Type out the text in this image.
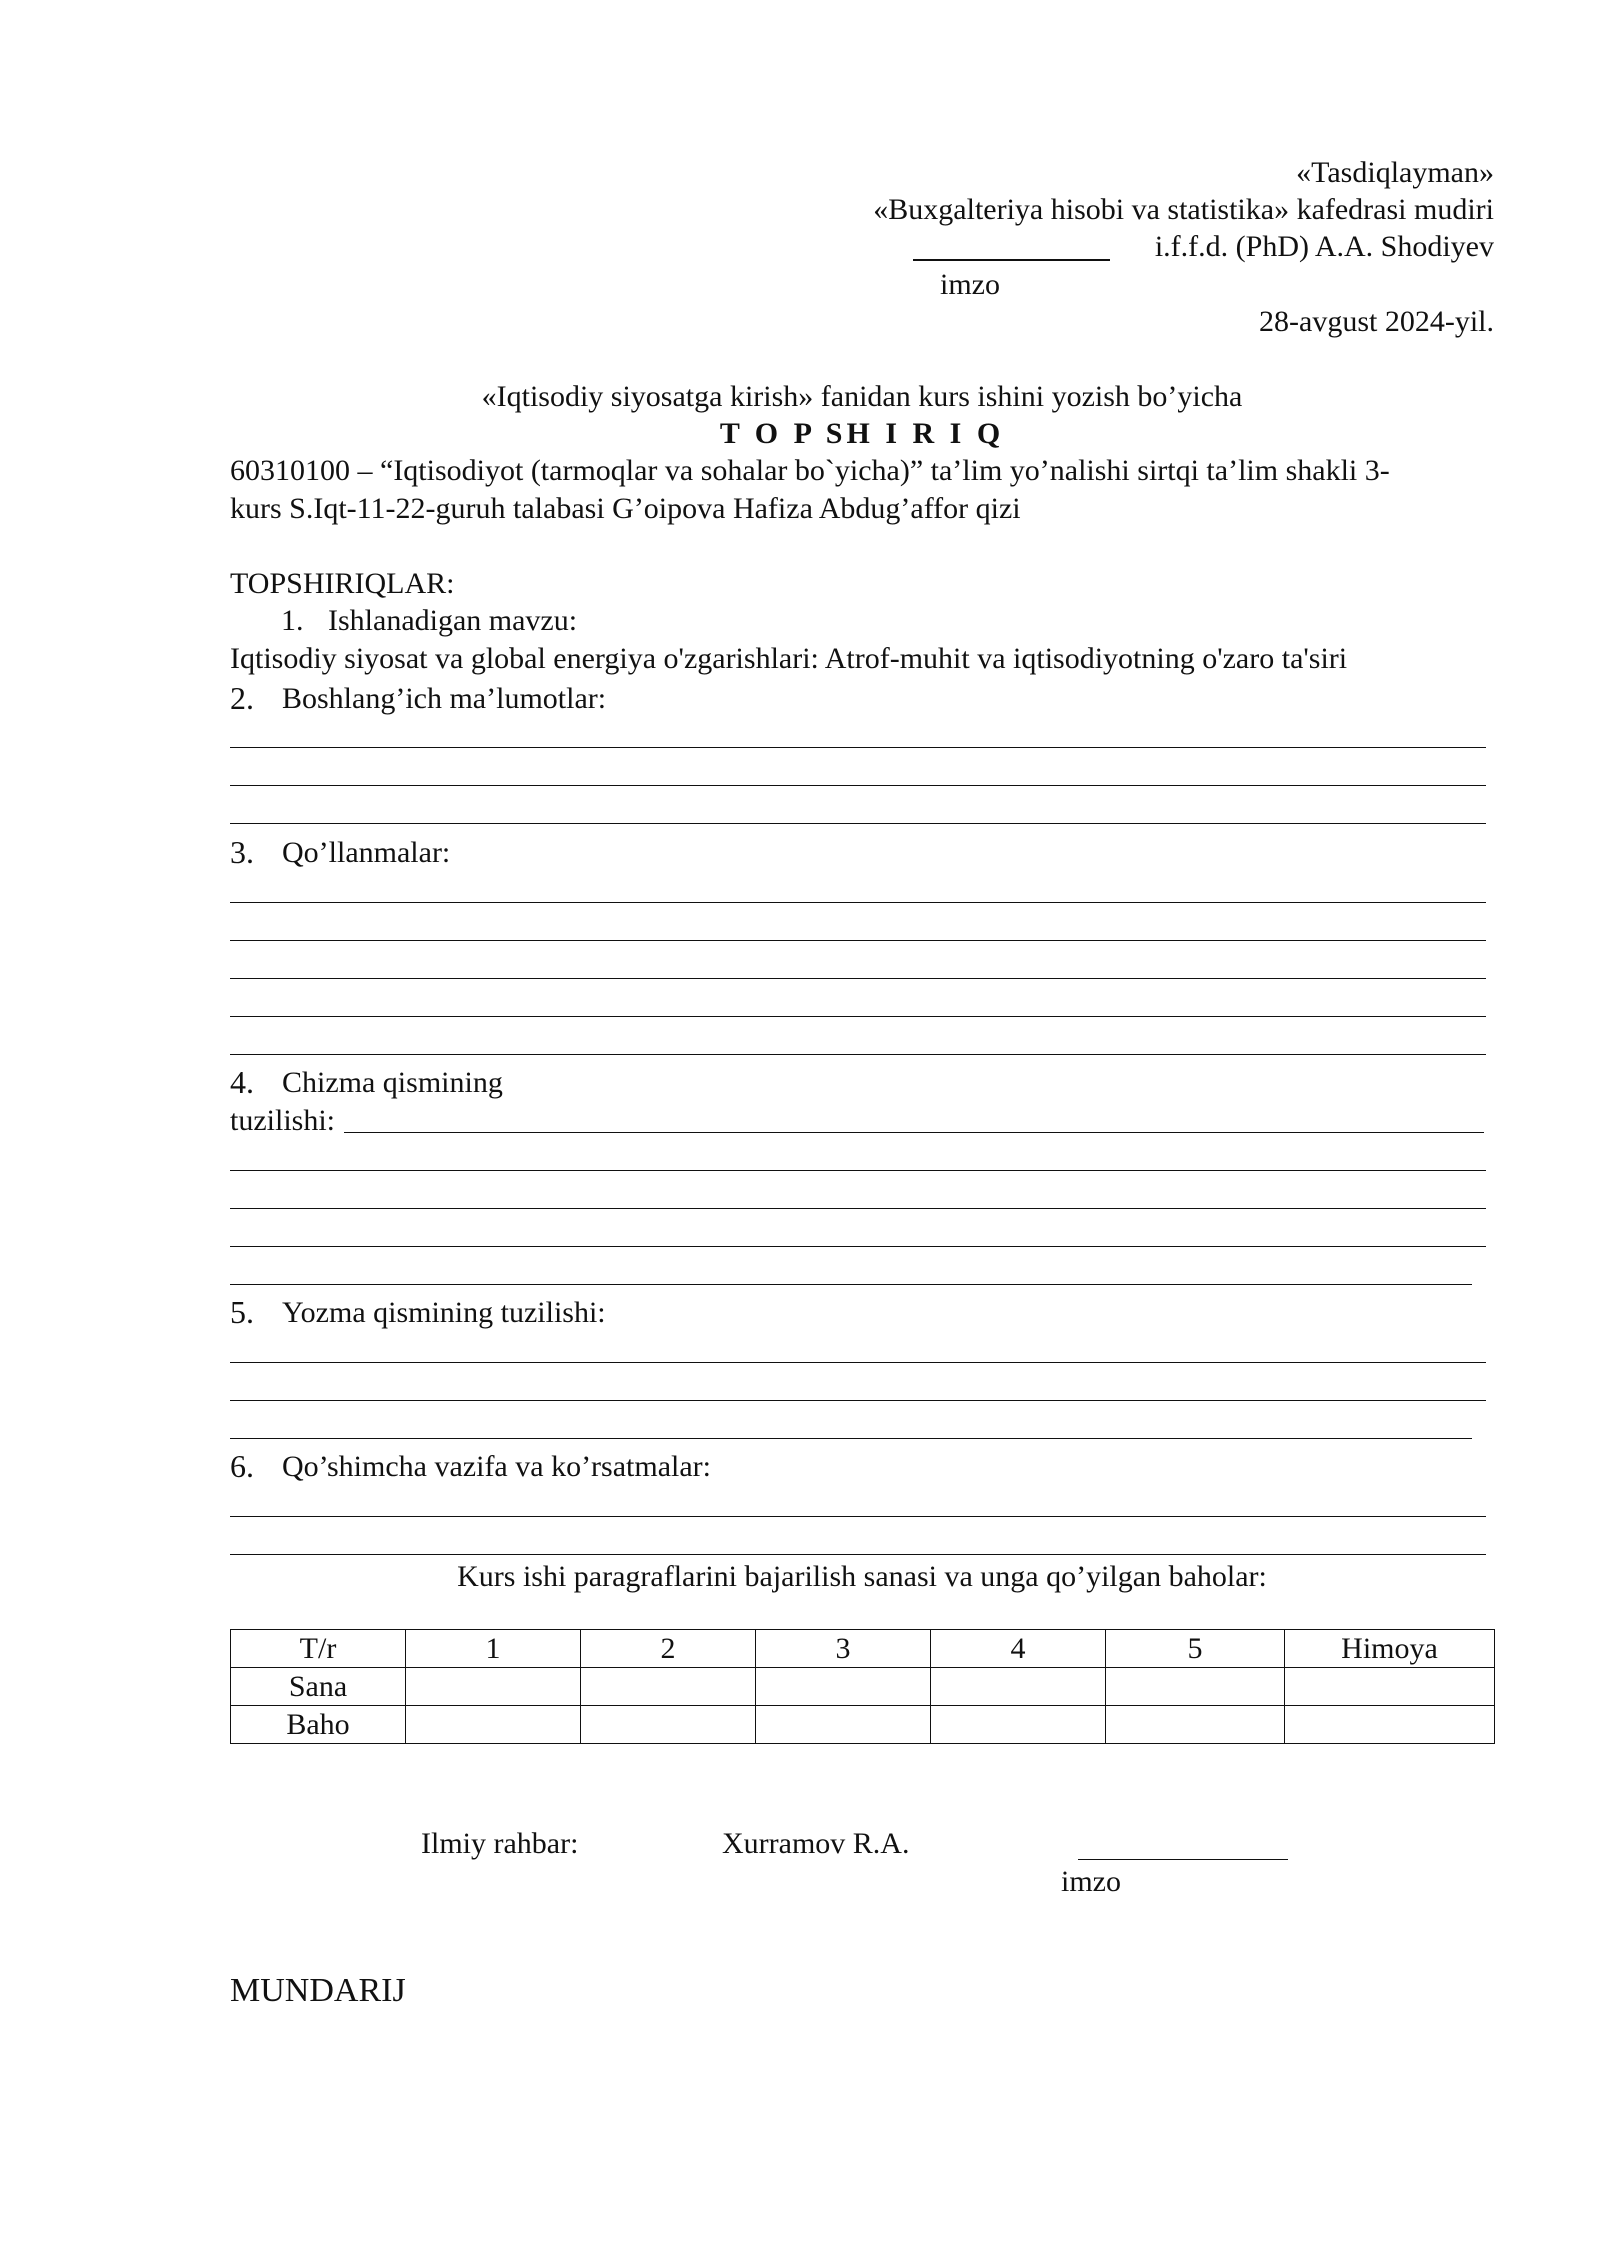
«Tasdiqlayman»
«Buxgalteriya hisobi va statistika» kafedrasi mudiri
i.f.f.d. (PhD) A.A. Shodiyev
imzo
28-avgust 2024-yil.
«Iqtisodiy siyosatga kirish» fanidan kurs ishini yozish bo’yicha
T O P SH I R I Q
60310100 – “Iqtisodiyot (tarmoqlar va sohalar bo`yicha)” ta’lim yo’nalishi sirtqi ta’lim shakli 3-
kurs S.Iqt-11-22-guruh talabasi G’oipova Hafiza Abdug’affor qizi
TOPSHIRIQLAR:
1. Ishlanadigan mavzu:
Iqtisodiy siyosat va global energiya o'zgarishlari: Atrof-muhit va iqtisodiyotning o'zaro ta'siri
2. Boshlang’ich ma’lumotlar:
3. Qo’llanmalar:
4. Chizma qismining
tuzilishi:
5. Yozma qismining tuzilishi:
6. Qo’shimcha vazifa va ko’rsatmalar:
Kurs ishi paragraflarini bajarilish sanasi va unga qo’yilgan baholar:
T/r	1	2	3	4	5	Himoya
Sana						
Baho						
Ilmiy rahbar:	Xurramov R.A.
imzo
MUNDARIJ
